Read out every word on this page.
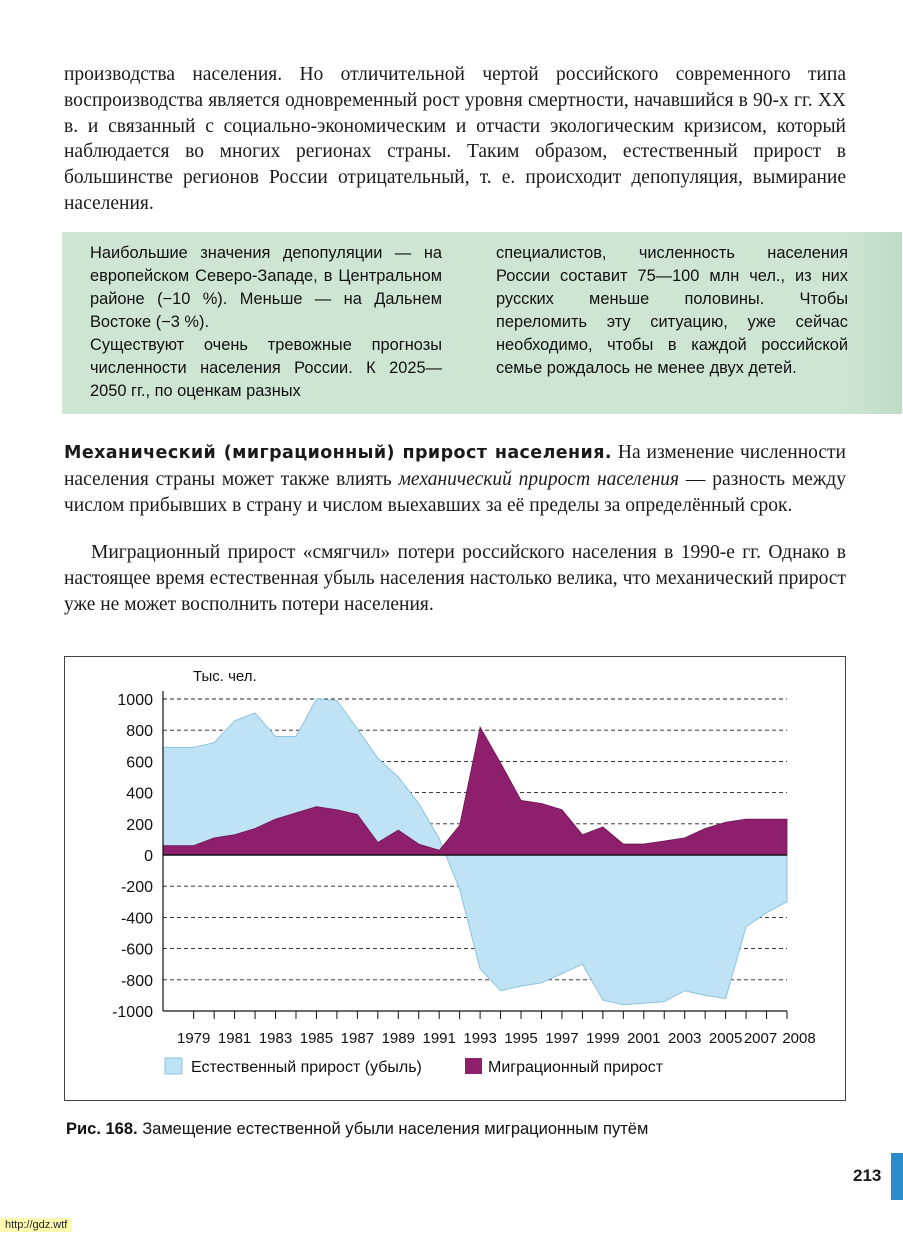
производства населения. Но отличительной чертой российского современного типа воспроизводства является одновременный рост уровня смертности, начавшийся в 90-х гг. XX в. и связанный с социально-экономическим и отчасти экологическим кризисом, который наблюдается во многих регионах страны. Таким образом, естественный прирост в большинстве регионов России отрицательный, т. е. происходит депопуляция, вымирание населения.

Наибольшие значения депопуляции — на европейском Северо-Западе, в Центральном районе (−10 %). Меньше — на Дальнем Востоке (−3 %).

Существуют очень тревожные прогнозы численности населения России. К 2025—2050 гг., по оценкам разных

специалистов, численность населения России составит 75—100 млн чел., из них русских меньше половины. Чтобы переломить эту ситуацию, уже сейчас необходимо, чтобы в каждой российской семье рождалось не менее двух детей.

Механический (миграционный) прирост населения. На изменение численности населения страны может также влиять механический прирост населения — разность между числом прибывших в страну и числом выехавших за её пределы за определённый срок.

Миграционный прирост «смягчил» потери российского населения в 1990-е гг. Однако в настоящее время естественная убыль населения настолько велика, что механический прирост уже не может восполнить потери населения.

Тыс. чел.
1000
800
600
400
200
0
-200
-400
-600
-800
-1000
1979 1981 1983 1985 1987 1989 1991 1993 1995 1997 1999 2001 2003 2005 2007 2008
Естественный прирост (убыль)	Миграционный прирост
Рис. 168. Замещение естественной убыли населения миграционным путём
213
http://gdz.wtf
